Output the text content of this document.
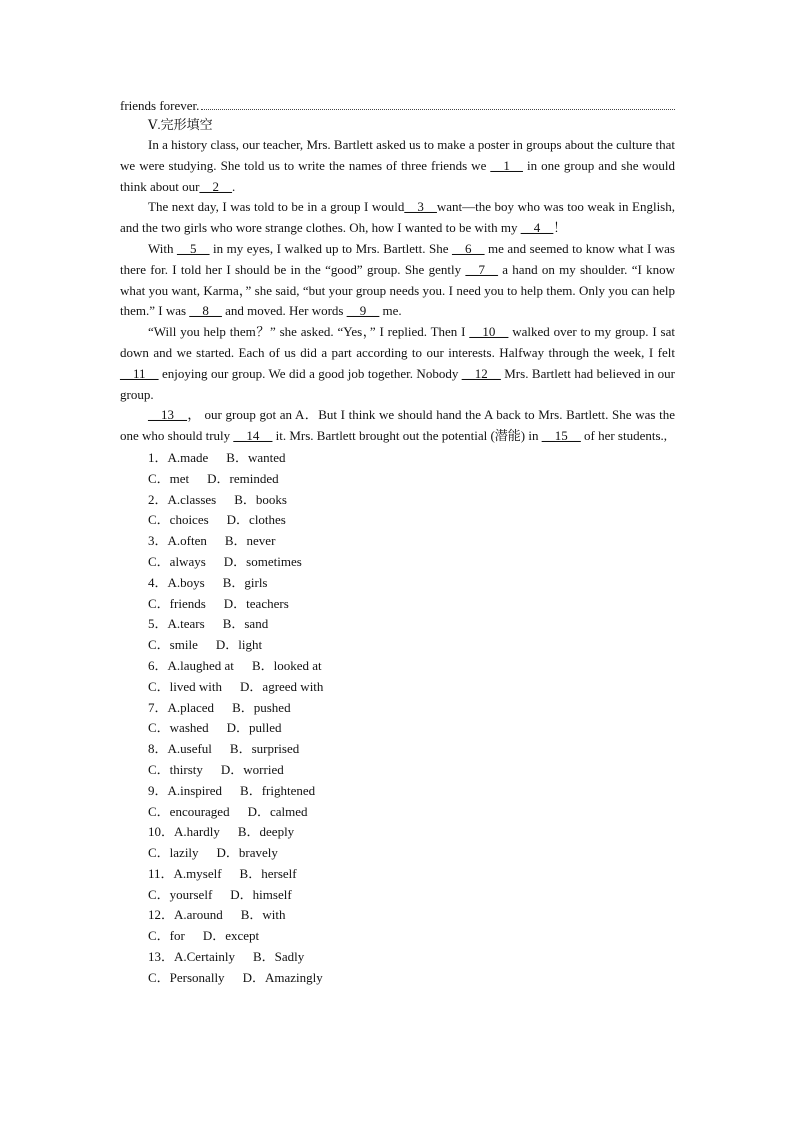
friends forever.
Ⅴ.完形填空

In a history class, our teacher, Mrs. Bartlett asked us to make a poster in groups about the culture that we were studying. She told us to write the names of three friends we __1__ in one group and she would think about our__2__.

The next day, I was told to be in a group I would__3__want—the boy who was too weak in English, and the two girls who wore strange clothes. Oh, how I wanted to be with my __4__！

With __5__ in my eyes, I walked up to Mrs. Bartlett. She __6__ me and seemed to know what I was there for. I told her I should be in the “good” group. She gently __7__ a hand on my shoulder. “I know what you want, Karma，” she said, “but your group needs you. I need you to help them. Only you can help them.” I was __8__ and moved. Her words __9__ me.

“Will you help them？” she asked. “Yes，” I replied. Then I __10__ walked over to my group. I sat down and we started. Each of us did a part according to our interests. Halfway through the week, I felt __11__ enjoying our group. We did a good job together. Nobody __12__ Mrs. Bartlett had believed in our group.

__13__， our group got an A．But I think we should hand the A back to Mrs. Bartlett. She was the one who should truly __14__ it. Mrs. Bartlett brought out the potential (潜能) in __15__ of her students.,

1．A.made B．wanted
C．met D．reminded
2．A.classes B．books
C．choices D．clothes
3．A.often B．never
C．always D．sometimes
4．A.boys B．girls
C．friends D．teachers
5．A.tears B．sand
C．smile D．light
6．A.laughed at B．looked at
C．lived with D．agreed with
7．A.placed B．pushed
C．washed D．pulled
8．A.useful B．surprised
C．thirsty D．worried
9．A.inspired B．frightened
C．encouraged D．calmed
10．A.hardly B．deeply
C．lazily D．bravely
11．A.myself B．herself
C．yourself D．himself
12．A.around B．with
C．for D．except
13．A.Certainly B．Sadly
C．Personally D．Amazingly
